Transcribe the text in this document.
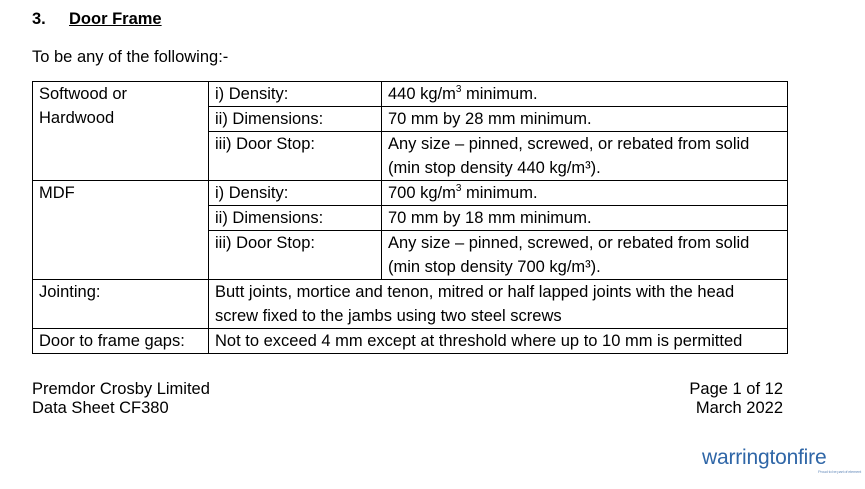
3. Door Frame
To be any of the following:-
Softwood or
Hardwood	i) Density:	440 $kg/m^3$ minimum.
	ii) Dimensions:	70 mm by 28 mm minimum.
	iii) Door Stop:	Any size – pinned, screwed, or rebated from solid
(min stop density 440 kg/m³).

MDF	i) Density:	700 $kg/m^3$ minimum.
	ii) Dimensions:	70 mm by 18 mm minimum.
	iii) Door Stop:	Any size – pinned, screwed, or rebated from solid
(min stop density 700 kg/m³).

Jointing:	Butt joints, mortice and tenon, mitred or half lapped joints with the head
screw fixed to the jambs using two steel screws	

Door to frame gaps:	Not to exceed 4 mm except at threshold where up to 10 mm is permitted	
Premdor Crosby Limited
Data Sheet CF380
Page 1 of 12
March 2022
warringtonfire
Proud to be part of element
